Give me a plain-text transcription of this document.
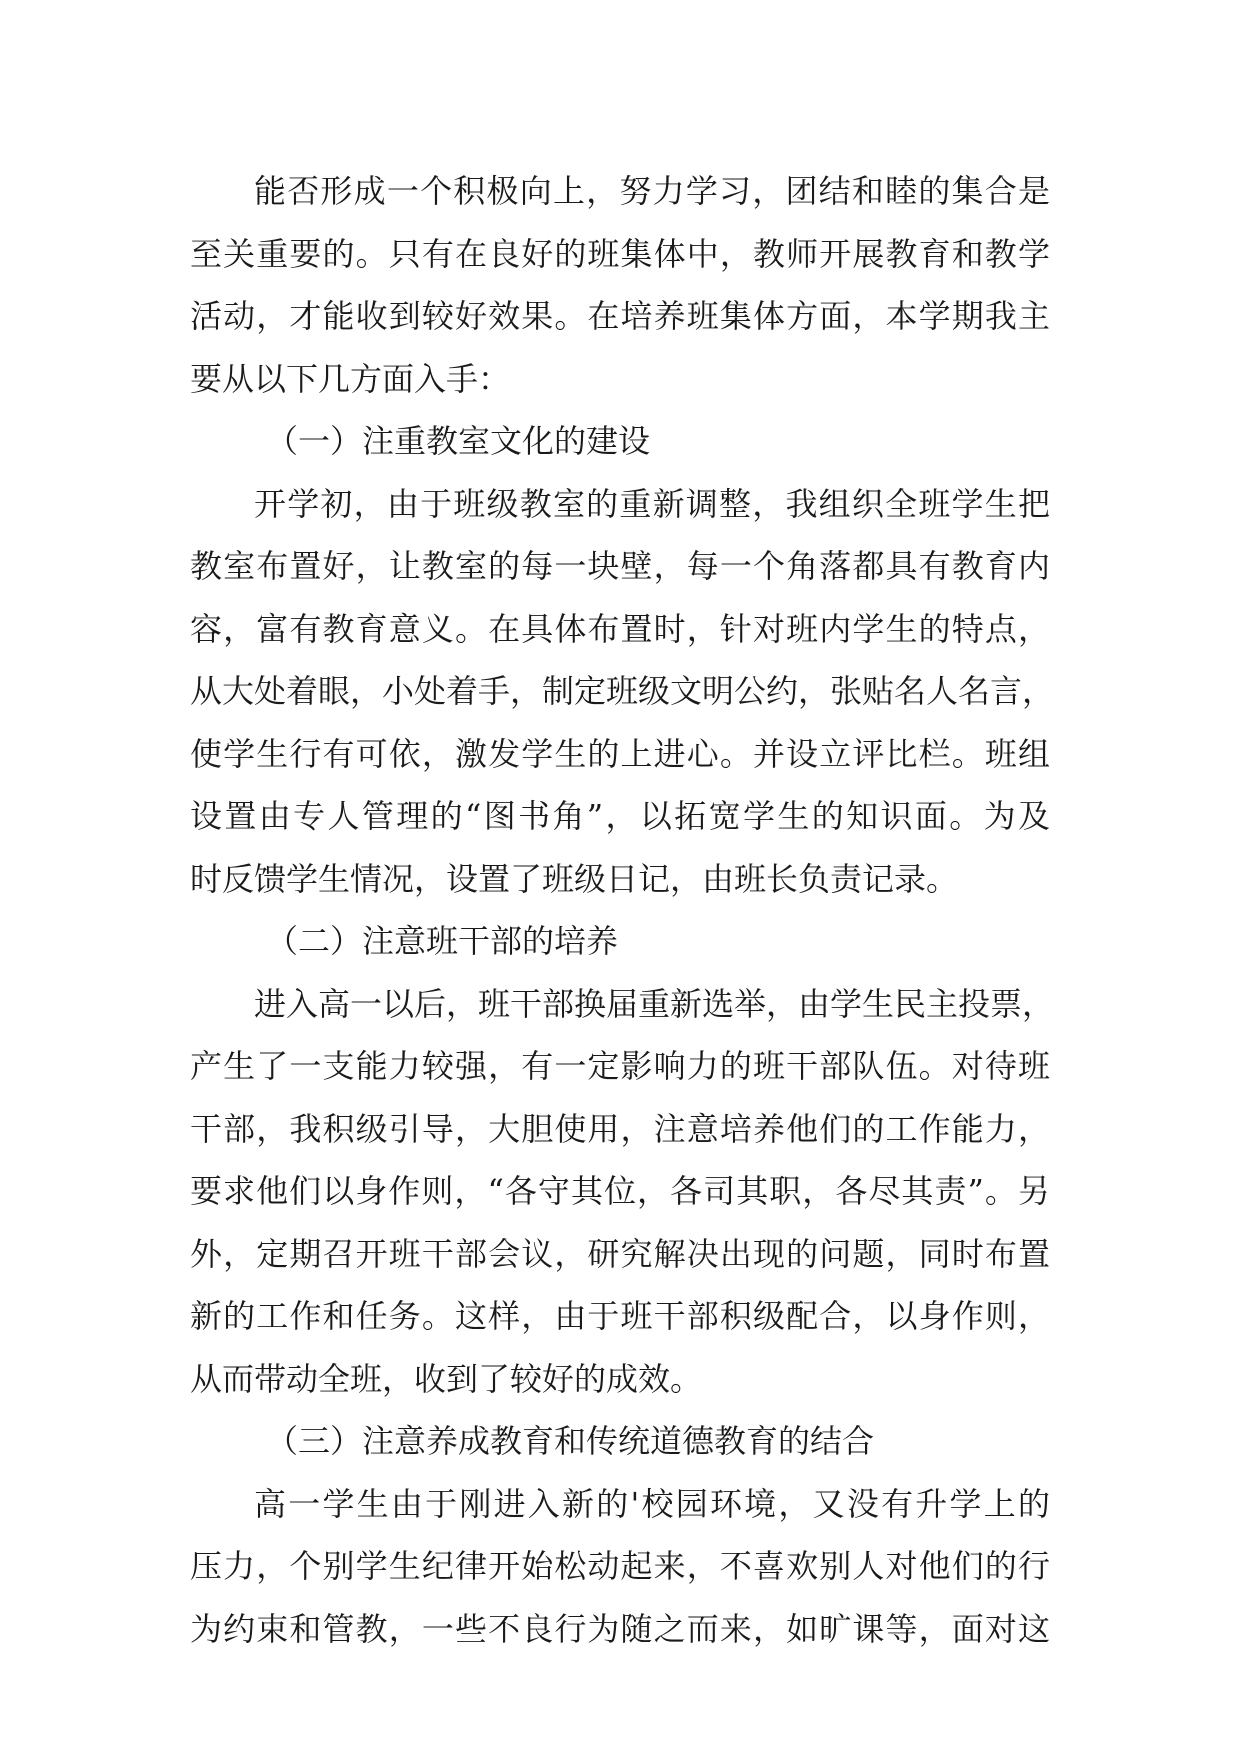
能否形成一个积极向上，努力学习，团结和睦的集合是
至关重要的。只有在良好的班集体中，教师开展教育和教学
活动，才能收到较好效果。在培养班集体方面，本学期我主
要从以下几方面入手：
（一）注重教室文化的建设
开学初，由于班级教室的重新调整，我组织全班学生把
教室布置好，让教室的每一块壁，每一个角落都具有教育内
容，富有教育意义。在具体布置时，针对班内学生的特点，
从大处着眼，小处着手，制定班级文明公约，张贴名人名言，
使学生行有可依，激发学生的上进心。并设立评比栏。班组
设置由专人管理的“图书角”，以拓宽学生的知识面。为及
时反馈学生情况，设置了班级日记，由班长负责记录。
（二）注意班干部的培养
进入高一以后，班干部换届重新选举，由学生民主投票，
产生了一支能力较强，有一定影响力的班干部队伍。对待班
干部，我积级引导，大胆使用，注意培养他们的工作能力，
要求他们以身作则，“各守其位，各司其职，各尽其责”。另
外，定期召开班干部会议，研究解决出现的问题，同时布置
新的工作和任务。这样，由于班干部积级配合，以身作则，
从而带动全班，收到了较好的成效。
（三）注意养成教育和传统道德教育的结合
高一学生由于刚进入新的'校园环境，又没有升学上的
压力，个别学生纪律开始松动起来，不喜欢别人对他们的行
为约束和管教，一些不良行为随之而来，如旷课等，面对这
